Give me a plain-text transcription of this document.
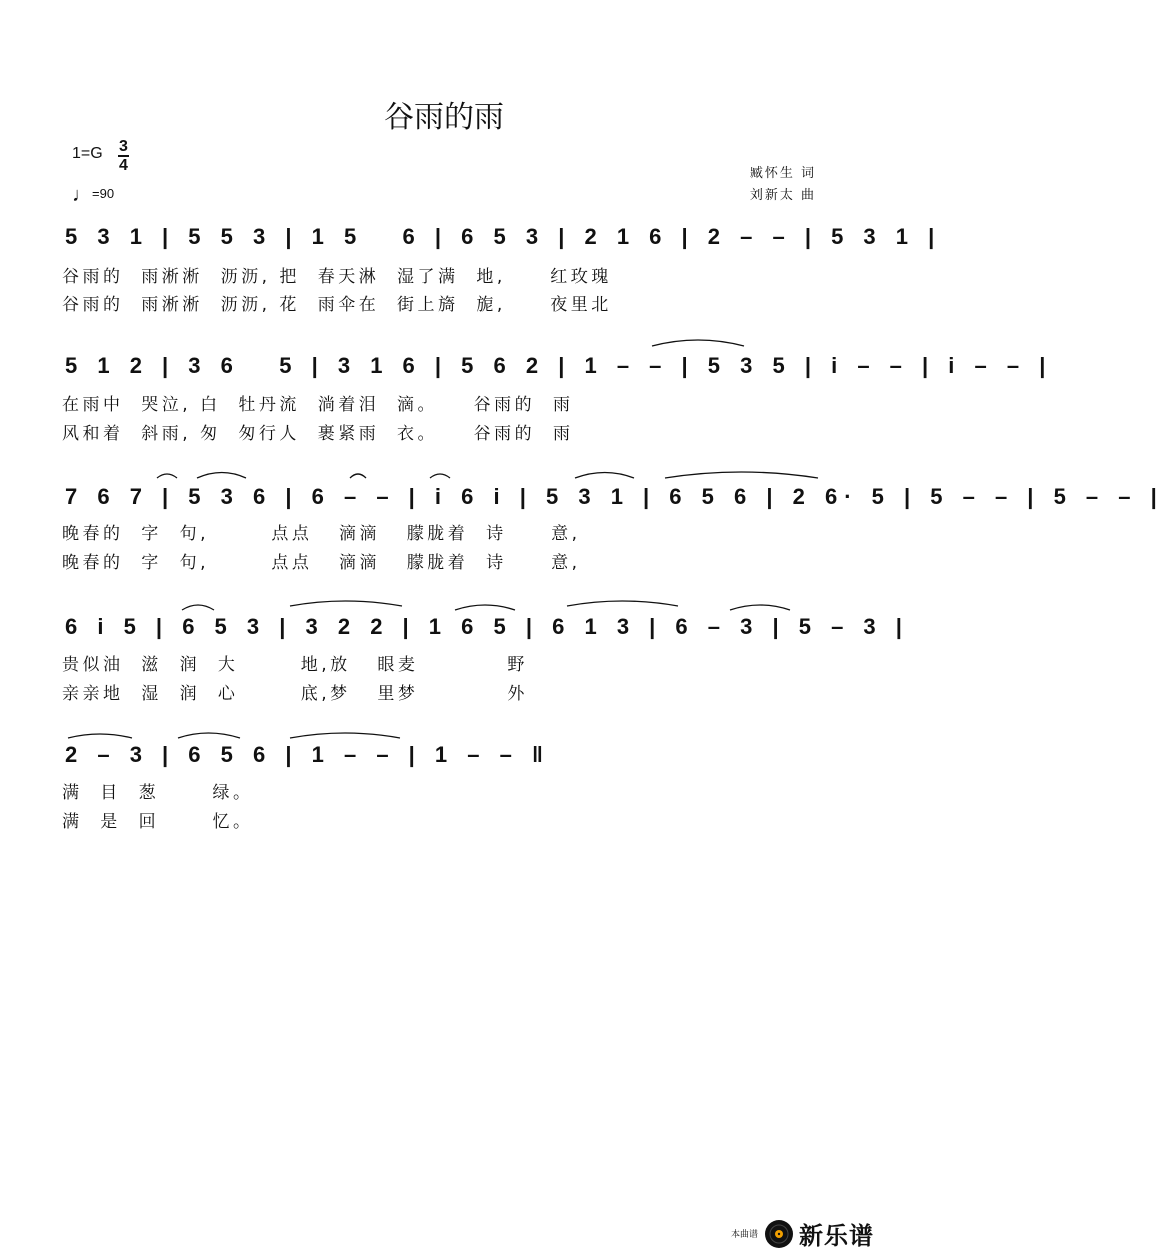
谷雨的雨
1=G 3
4
♩=90
臧怀生 词
刘新太 曲
5 3 1 | 5 5 3 | 1 5   6 | 6 5 3 | 2 1 6 | 2 – – | 5 3 1 |
谷雨的  雨淅淅  沥沥, 把  春天淋  湿了满  地,     红玫瑰
谷雨的  雨淅淅  沥沥, 花  雨伞在  街上旖  旎,     夜里北
5 1 2 | 3 6   5 | 3 1 6 | 5 6 2 | 1 – – | 5 3 5 | i – – | i – – |
在雨中  哭泣, 白  牡丹流  淌着泪  滴。    谷雨的  雨
风和着  斜雨, 匆  匆行人  裹紧雨  衣。    谷雨的  雨
7 6 7 | 5 3 6 | 6 – – | i 6 i | 5 3 1 | 6 5 6 | 2 6· 5 | 5 – – | 5 – – |
晚春的  字  句,       点点   滴滴   朦胧着  诗     意,
晚春的  字  句,       点点   滴滴   朦胧着  诗     意,
6 i 5 | 6 5 3 | 3 2 2 | 1 6 5 | 6 1 3 | 6 – 3 | 5 – 3 |
贵似油  滋  润  大       地,放   眼麦          野
亲亲地  湿  润  心       底,梦   里梦          外
2 – 3 | 6 5 6 | 1 – – | 1 – – ‖
满  目  葱      绿。
满  是  回      忆。
本曲谱 新乐谱
